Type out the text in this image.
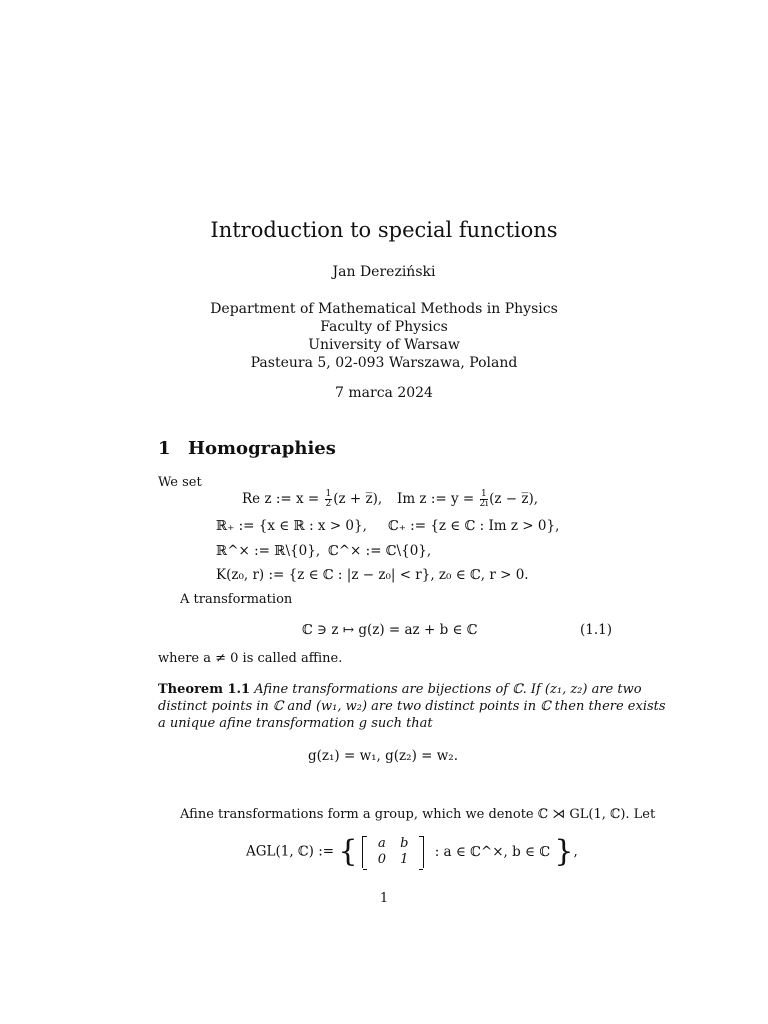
Introduction to special functions
Jan Dereziński
Department of Mathematical Methods in Physics
Faculty of Physics
University of Warsaw
Pasteura 5, 02-093 Warszawa, Poland
7 marca 2024
1 Homographies
We set
Re z := $x = \frac{1}{2} (z$ + z̅), Im z := $y = \frac{1}{2i} (z$ − z̅),
ℝ₊ := {x ∈ ℝ : x > 0}, ℂ₊ := {z ∈ ℂ : Im z > 0},
ℝ^× := ℝ\{0}, ℂ^× := ℂ\{0},
K(z₀, r) := {z ∈ ℂ : |z − z₀| < r}, z₀ ∈ ℂ, r > 0.
A transformation
ℂ ∋ z ↦ g(z) = az + b ∈ ℂ	(1.1)
where a ≠ 0 is called affine.
Theorem 1.1 Afine transformations are bijections of ℂ. If (z₁, z₂) are two
distinct points in ℂ and (w₁, w₂) are two distinct points in ℂ then there exists
a unique afine transformation g such that
g(z₁) = w₁, g(z₂) = w₂.
Afine transformations form a group, which we denote ℂ ⋊ GL(1, ℂ). Let
AGL(1, ℂ) := { a	b
0	1 : a ∈ ℂ^×, b ∈ ℂ },
1
